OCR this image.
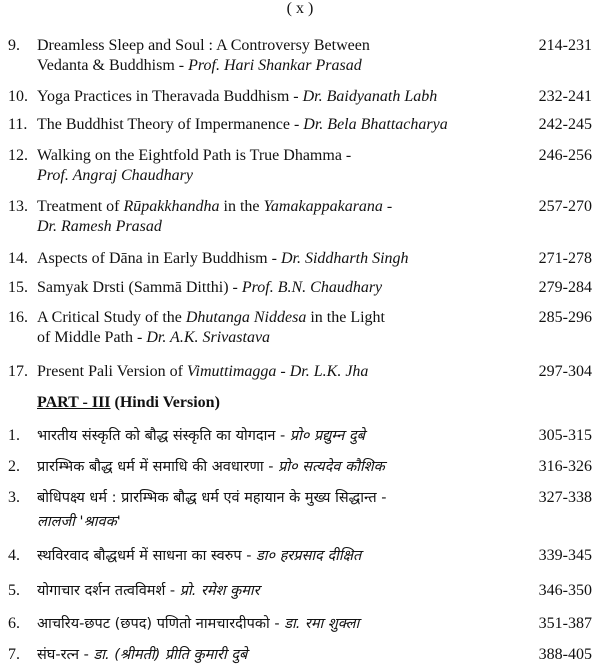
( x )
9. Dreamless Sleep and Soul : A Controversy Between
Vedanta & Buddhism - Prof. Hari Shankar Prasad
214-231
10. Yoga Practices in Theravada Buddhism - Dr. Baidyanath Labh	232-241
11. The Buddhist Theory of Impermanence - Dr. Bela Bhattacharya	242-245
12. Walking on the Eightfold Path is True Dhamma -
Prof. Angraj Chaudhary
246-256
13. Treatment of Rūpakkhandha in the Yamakappakarana -
Dr. Ramesh Prasad
257-270
14. Aspects of Dāna in Early Buddhism - Dr. Siddharth Singh	271-278
15. Samyak Drsti (Sammā Ditthi) - Prof. B.N. Chaudhary	279-284
16. A Critical Study of the Dhutanga Niddesa in the Light
of Middle Path - Dr. A.K. Srivastava
285-296
17. Present Pali Version of Vimuttimagga - Dr. L.K. Jha	297-304
PART - III (Hindi Version)
1. भारतीय संस्कृति को बौद्ध संस्कृति का योगदान - प्रो० प्रद्युम्न दुबे	305-315
2. प्रारम्भिक बौद्ध धर्म में समाधि की अवधारणा - प्रो० सत्यदेव कौशिक	316-326
3. बोधिपक्ष्य धर्म : प्रारम्भिक बौद्ध धर्म एवं महायान के मुख्य सिद्धान्त -
लालजी 'श्रावक'
327-338
4. स्थविरवाद बौद्धधर्म में साधना का स्वरुप - डा० हरप्रसाद दीक्षित	339-345
5. योगाचार दर्शन तत्वविमर्श - प्रो. रमेश कुमार	346-350
6. आचरिय-छपट (छपद) पणितो नामचारदीपको - डा. रमा शुक्ला	351-387
7. संघ-रत्न - डा. (श्रीमती) प्रीति कुमारी दुबे	388-405
